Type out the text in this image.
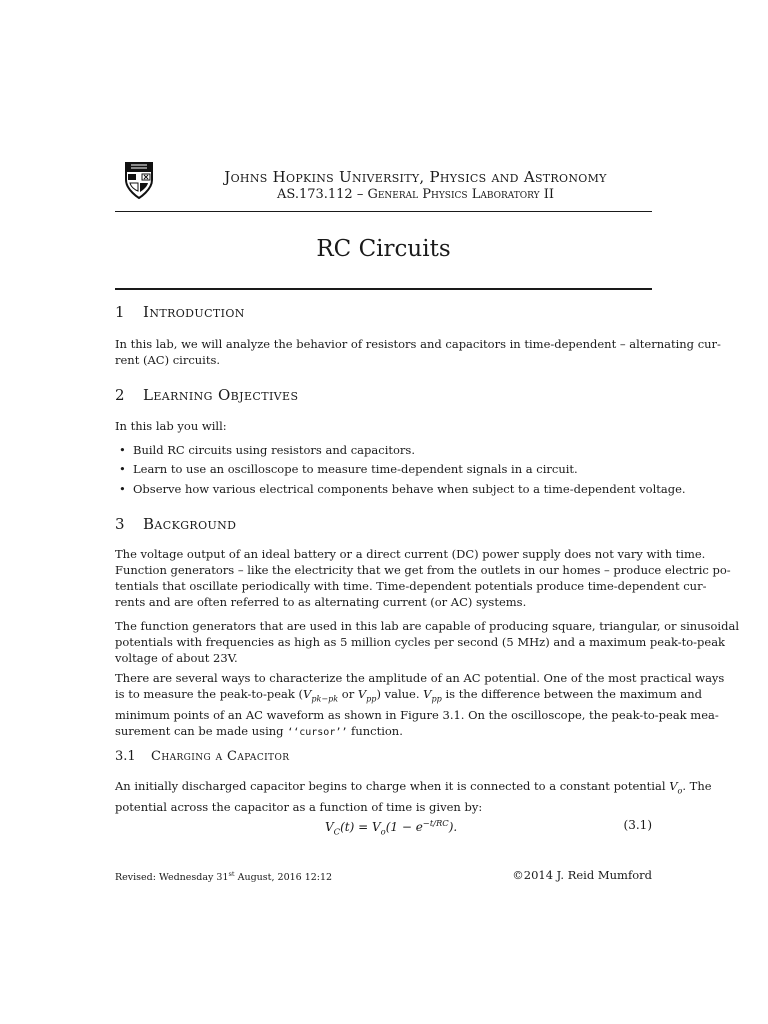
Johns Hopkins University, Physics and Astronomy
AS.173.112 – General Physics Laboratory II
RC Circuits
1 Introduction
In this lab, we will analyze the behavior of resistors and capacitors in time-dependent – alternating cur-
rent (AC) circuits.
2 Learning Objectives
In this lab you will:
• Build RC circuits using resistors and capacitors.
• Learn to use an oscilloscope to measure time-dependent signals in a circuit.
• Observe how various electrical components behave when subject to a time-dependent voltage.
3 Background
The voltage output of an ideal battery or a direct current (DC) power supply does not vary with time.
Function generators – like the electricity that we get from the outlets in our homes – produce electric po-
tentials that oscillate periodically with time. Time-dependent potentials produce time-dependent cur-
rents and are often referred to as alternating current (or AC) systems.
The function generators that are used in this lab are capable of producing square, triangular, or sinusoidal
potentials with frequencies as high as 5 million cycles per second (5 MHz) and a maximum peak-to-peak
voltage of about 23V.
There are several ways to characterize the amplitude of an AC potential. One of the most practical ways
is to measure the peak-to-peak ($V_{pk-pk}$ or $V_{pp}$) value. $V_{pp}$ is the difference between the maximum and
minimum points of an AC waveform as shown in Figure 3.1. On the oscilloscope, the peak-to-peak mea-
surement can be made using ‘‘cursor’’ function.
3.1 Charging a Capacitor
An initially discharged capacitor begins to charge when it is connected to a constant potential $V_o$. The
potential across the capacitor as a function of time is given by:
$V_C(t) = V_o(1 - e^{-t/RC})$.	(3.1)
Revised: Wednesday 31st August, 2016 12:12	©2014 J. Reid Mumford
